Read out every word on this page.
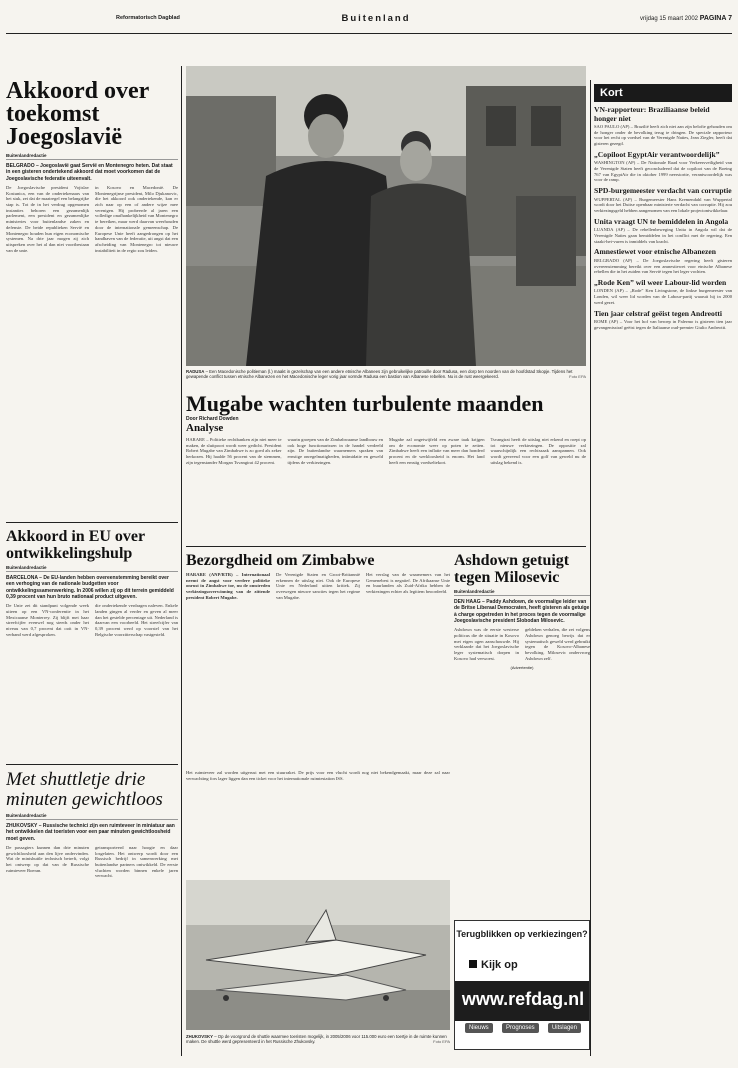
Reformatorisch Dagblad	Buitenland	vrijdag 15 maart 2002 PAGINA 7
Akkoord over toekomst Joegoslavië
Buitenlandredactie
BELGRADO – Joegoslavië gaat Servië en Montenegro heten. Dat staat in een gisteren ondertekend akkoord dat moet voorkomen dat de Joegoslavische federatie uiteenvalt.
De Joegoslavische president Vojislav Kostunica, een van de ondertekenaars van het stuk, zei dat de maatregel een belangrijke stap is. Tot de in het verdrag opgenomen instanties behoren een gezamenlijk parlement, een president en gezamenlijke ministeries voor buitenlandse zaken en defensie. De beide republieken Servië en Montenegro houden hun eigen economische systemen. Na drie jaar mogen zij zich uitspreken over het al dan niet voortbestaan van de unie.
in Kosovo en Macedonië. De Montenegrijnse president, Milo Djukanovic, die het akkoord ook ondertekende, kan er zich naar op een of andere wijze mee verenigen. Hij probeerde al jaren een volledige onafhankelijkheid van Montenegro te bereiken, maar werd daarvan weerhouden door de internationale gemeenschap. De Europese Unie heeft aangedrongen op het handhaven van de federatie, uit angst dat een afscheiding van Montenegro tot nieuwe instabiliteit in de regio zou leiden.
RADUSA – Een Macedonische politieman (l.) maakt in gezelschap van een andere etnische Albanees zijn gebruikelijke patrouille door Radusa, een dorp ten noorden van de hoofdstad Skopje. Tijdens het gewapende conflict tussen etnische Albanezen en het Macedonische leger vorig jaar vormde Radusa een bastion van Albanese rebellen. Nu is de rust weergekeerd.	Foto EPA
Mugabe wachten turbulente maanden
Door Richard Dowden
Analyse
HARARE – Politieke rechtbanken zijn niet meer te maken, de sluitpoort wordt weer gedicht. President Robert Mugabe van Zimbabwe is zo goed als zeker herkozen. Hij haalde 56 procent van de stemmen, zijn tegenstander Morgan Tsvangirai 42 procent.
waarin groepen van de Zimbabwaanse landbouw en ook hoge functionarissen in de handel verdeeld zijn. De buitenlandse waarnemers spraken van ernstige onregelmatigheden, intimidatie en geweld tijdens de verkiezingen.
Mugabe zal ongetwijfeld een zware taak krijgen om de economie weer op poten te zetten. Zimbabwe heeft een inflatie van meer dan honderd procent en de werkloosheid is enorm. Het land heeft een ernstig voedseltekort.
Tsvangirai heeft de uitslag niet erkend en roept op tot nieuwe verkiezingen. De oppositie zal waarschijnlijk een rechtszaak aanspannen. Ook wordt gevreesd voor een golf van geweld nu de uitslag bekend is.
Akkoord in EU over ontwikkelingshulp
Buitenlandredactie
BARCELONA – De EU-landen hebben overeenstemming bereikt over een verhoging van de nationale budgetten voor ontwikkelingssamenwerking. In 2006 willen zij op dit terrein gemiddeld 0,39 procent van hun bruto nationaal product uitgeven.
De Unie zet dit standpunt volgende week uiteen op een VN-conferentie in het Mexicaanse Monterrey. Zij blijft met haar streefcijfer evenwel nog steeds onder het niveau van 0,7 procent dat ooit in VN-verband werd afgesproken.
die ondertekende verdragen naleven. Enkele landen gingen al verder en geven al meer dan het gestelde percentage uit. Nederland is daarvan een voorbeeld. Het streefcijfer van 0,39 procent werd op voorstel van het Belgische voorzitterschap vastgesteld.
Bezorgdheid om Zimbabwe
HARARE (ANP/RTR) – Internationaal neemt de angst voor verdere politieke onrust in Zimbabwe toe, nu de omstreden verkiezingsoverwinning van de zittende president Robert Mugabe.
De Verenigde Staten en Groot-Brittannië erkennen de uitslag niet. Ook de Europese Unie en Nederland uitten kritiek. Zij overwegen nieuwe sancties tegen het regime van Mugabe.
Het verslag van de waarnemers van het Gemenebest is negatief. De Afrikaanse Unie en buurlanden als Zuid-Afrika hebben de verkiezingen echter als legitiem beoordeeld.
Ashdown getuigt tegen Milosevic
Buitenlandredactie
DEN HAAG – Paddy Ashdown, de voormalige leider van de Britse Liberaal Democraten, heeft gisteren als getuige à charge opgetreden in het proces tegen de voormalige Joegoslavische president Slobodan Milosevic.
Ashdown was de eerste westerse politicus die de situatie in Kosovo met eigen ogen aanschouwde. Hij verklaarde dat het Joegoslavische leger systematisch dorpen in Kosovo had verwoest.
gebleken verhalen, die zei volgens Ashdown genoeg bewijs dat er systematisch geweld werd gebruikt tegen de Kosovo-Albanese bevolking. Milosevic ondervroeg Ashdown zelf.
(Advertentie)
Met shuttletje drie minuten gewichtloos
Buitenlandredactie
ZHUKOVSKY – Russische technici zijn een ruimteveer in miniatuur aan het ontwikkelen dat toeristen voor een paar minuten gewichtloosheid moet geven.
De passagiers kunnen dan drie minuten gewichtloosheid aan den lijve ondervinden. Wat de minishuttle technisch betreft, volgt het ontwerp op dat van de Russische ruimteveer Boeran.
getransporteerd naar hoogte en daar losgelaten. Het ontwerp wordt door een Russisch bedrijf in samenwerking met buitenlandse partners ontwikkeld. De eerste vluchten worden binnen enkele jaren verwacht.
Het ruimteveer zal worden uitgerust met een stuurraket. De prijs voor een vlucht wordt nog niet bekendgemaakt, maar deze zal naar verwachting fors lager liggen dan een ticket voor het internationale ruimtestation ISS.
ZHUKOVSKY – Op de voorgrond de shuttle waarmee toeristen mogelijk, in 2005/2006 voor 115.000 euro een toertje in de ruimte kunnen maken. De shuttle werd gepresenteerd in het Russische Zhukovsky.	Foto EPA
Terugblikken op verkiezingen?
Kijk op
www.refdag.nl
Nieuws	Prognoses	Uitslagen
Kort
VN-rapporteur: Braziliaanse beleid honger niet
SAO PAULO (AP) – Brazilië heeft zich niet aan zijn belofte gehouden om de honger onder de bevolking terug te dringen. De speciale rapporteur voor het recht op voedsel van de Verenigde Naties, Jean Ziegler, heeft dat gisteren gezegd.
„Copiloot EgyptAir verantwoordelijk”
WASHINGTON (AP) – De Nationale Raad voor Verkeersveiligheid van de Verenigde Staten heeft geconcludeerd dat de copiloot van de Boeing 767 van EgyptAir die in oktober 1999 neerstortte, verantwoordelijk was voor de ramp.
SPD-burgemeester verdacht van corruptie
WUPPERTAL (AP) – Burgemeester Hans Kremendahl van Wuppertal wordt door het Duitse openbaar ministerie verdacht van corruptie. Hij zou verkiezingsgeld hebben aangenomen van een lokale projectontwikkelaar.
Unita vraagt UN te bemiddelen in Angola
LUANDA (AP) – De rebellenbeweging Unita in Angola wil dat de Verenigde Naties gaan bemiddelen in het conflict met de regering. Een staakt-het-vuren is inmiddels van kracht.
Amnestiewet voor etnische Albanezen
BELGRADO (AP) – De Joegoslavische regering heeft gisteren overeenstemming bereikt over een amnestiewet voor etnische Albanese rebellen die in het zuiden van Servië tegen het leger vochten.
„Rode Ken” wil weer Labour-lid worden
LONDEN (AP) – „Rode” Ken Livingstone, de linkse burgemeester van Londen, wil weer lid worden van de Labour-partij waaruit hij in 2000 werd gezet.
Tien jaar celstraf geëist tegen Andreotti
ROME (AP) – Voor het hof van beroep in Palermo is gisteren tien jaar gevangenisstraf geëist tegen de Italiaanse oud-premier Giulio Andreotti.
